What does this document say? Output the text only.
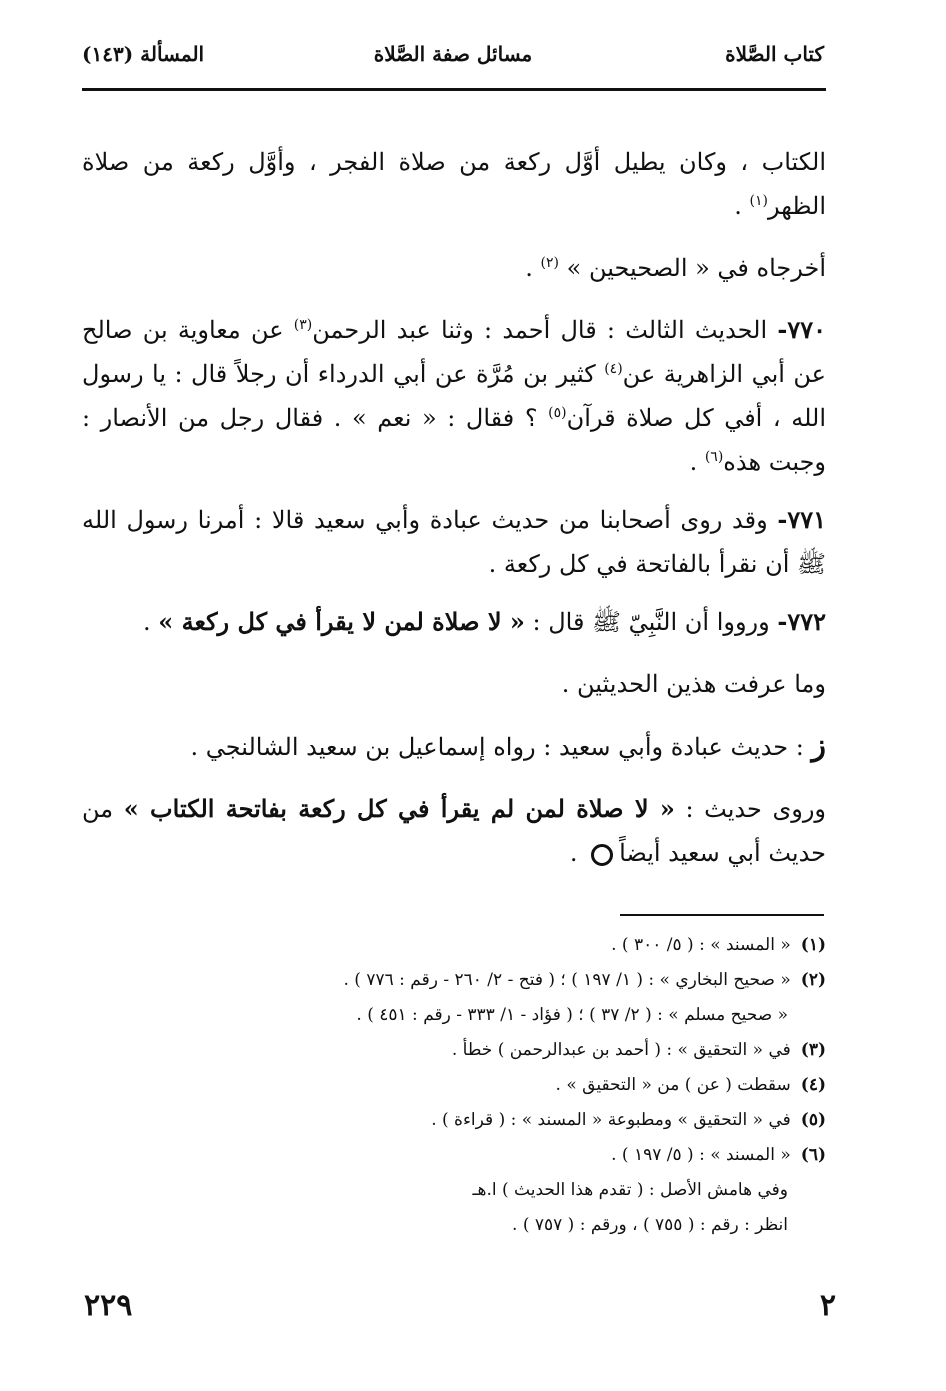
كتاب الصَّلاة
مسائل صفة الصَّلاة
المسألة (١٤٣)

الكتاب ، وكان يطيل أوَّل ركعة من صلاة الفجر ، وأوَّل ركعة من صلاة الظهر$^{(١)}$ .

أخرجاه في « الصحيحين » $^{(٢)}$ .

٧٧٠- الحديث الثالث : قال أحمد : وثنا عبد الرحمن$^{(٣)}$ عن معاوية بن صالح عن أبي الزاهرية عن$^{(٤)}$ كثير بن مُرَّة عن أبي الدرداء أن رجلاً قال : يا رسول الله ، أفي كل صلاة قرآن$^{(٥)}$ ؟ فقال : « نعم » . فقال رجل من الأنصار : وجبت هذه$^{(٦)}$ .

٧٧١- وقد روى أصحابنا من حديث عبادة وأبي سعيد قالا : أمرنا رسول الله ﷺ أن نقرأ بالفاتحة في كل ركعة .

٧٧٢- ورووا أن النَّبِيّ ﷺ قال : « لا صلاة لمن لا يقرأ في كل ركعة » .

وما عرفت هذين الحديثين .

ز : حديث عبادة وأبي سعيد : رواه إسماعيل بن سعيد الشالنجي .

وروى حديث : « لا صلاة لمن لم يقرأ في كل ركعة بفاتحة الكتاب » من حديث أبي سعيد أيضاً .

(١)« المسند » : ( ٥/ ٣٠٠ ) .
(٢)« صحيح البخاري » : ( ١/ ١٩٧ ) ؛ ( فتح - ٢/ ٢٦٠ - رقم : ٧٧٦ ) .
« صحيح مسلم » : ( ٢/ ٣٧ ) ؛ ( فؤاد - ١/ ٣٣٣ - رقم : ٤٥١ ) .
(٣)في « التحقيق » : ( أحمد بن عبدالرحمن ) خطأ .
(٤)سقطت ( عن ) من « التحقيق » .
(٥)في « التحقيق » ومطبوعة « المسند » : ( قراءة ) .
(٦)« المسند » : ( ٥/ ١٩٧ ) .
وفي هامش الأصل : ( تقدم هذا الحديث ) ا.هـ
انظر : رقم : ( ٧٥٥ ) ، ورقم : ( ٧٥٧ ) .
٢
٢٢٩
